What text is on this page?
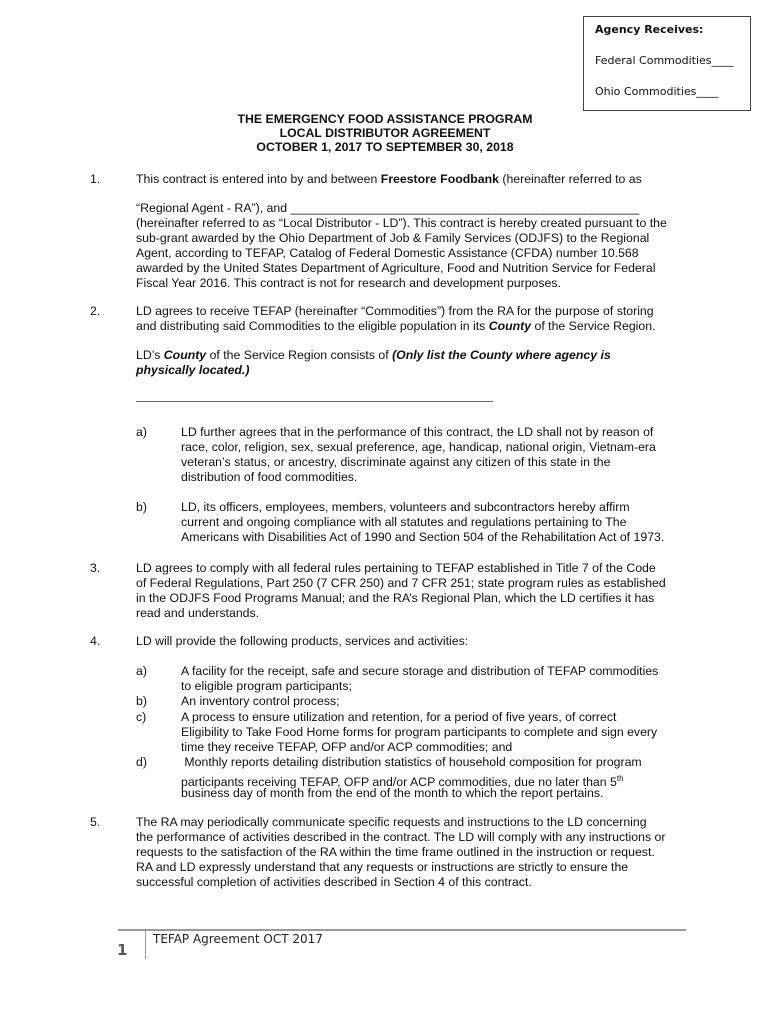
Agency Receives:
Federal Commodities____
Ohio Commodities____
THE EMERGENCY FOOD ASSISTANCE PROGRAM
LOCAL DISTRIBUTOR AGREEMENT
OCTOBER 1, 2017 TO SEPTEMBER 30, 2018
1.	This contract is entered into by and between Freestore Foodbank (hereinafter referred to as
“Regional Agent - RA”), and ___________________________________________________
(hereinafter referred to as “Local Distributor - LD”). This contract is hereby created pursuant to the
sub-grant awarded by the Ohio Department of Job & Family Services (ODJFS) to the Regional
Agent, according to TEFAP, Catalog of Federal Domestic Assistance (CFDA) number 10.568
awarded by the United States Department of Agriculture, Food and Nutrition Service for Federal
Fiscal Year 2016. This contract is not for research and development purposes.
2.	LD agrees to receive TEFAP (hereinafter “Commodities”) from the RA for the purpose of storing
and distributing said Commodities to the eligible population in its County of the Service Region.
LD’s County of the Service Region consists of (Only list the County where agency is
physically located.)
a)	LD further agrees that in the performance of this contract, the LD shall not by reason of
race, color, religion, sex, sexual preference, age, handicap, national origin, Vietnam-era
veteran’s status, or ancestry, discriminate against any citizen of this state in the
distribution of food commodities.
b)	LD, its officers, employees, members, volunteers and subcontractors hereby affirm
current and ongoing compliance with all statutes and regulations pertaining to The
Americans with Disabilities Act of 1990 and Section 504 of the Rehabilitation Act of 1973.
3.	LD agrees to comply with all federal rules pertaining to TEFAP established in Title 7 of the Code
of Federal Regulations, Part 250 (7 CFR 250) and 7 CFR 251; state program rules as established
in the ODJFS Food Programs Manual; and the RA’s Regional Plan, which the LD certifies it has
read and understands.
4.	LD will provide the following products, services and activities:
a)	A facility for the receipt, safe and secure storage and distribution of TEFAP commodities
to eligible program participants;
b)	An inventory control process;
c)	A process to ensure utilization and retention, for a period of five years, of correct
Eligibility to Take Food Home forms for program participants to complete and sign every
time they receive TEFAP, OFP and/or ACP commodities; and
d)	Monthly reports detailing distribution statistics of household composition for program
participants receiving TEFAP, OFP and/or ACP commodities, due no later than 5th
business day of month from the end of the month to which the report pertains.
5.	The RA may periodically communicate specific requests and instructions to the LD concerning
the performance of activities described in the contract. The LD will comply with any instructions or
requests to the satisfaction of the RA within the time frame outlined in the instruction or request.
RA and LD expressly understand that any requests or instructions are strictly to ensure the
successful completion of activities described in Section 4 of this contract.
1
TEFAP Agreement OCT 2017
